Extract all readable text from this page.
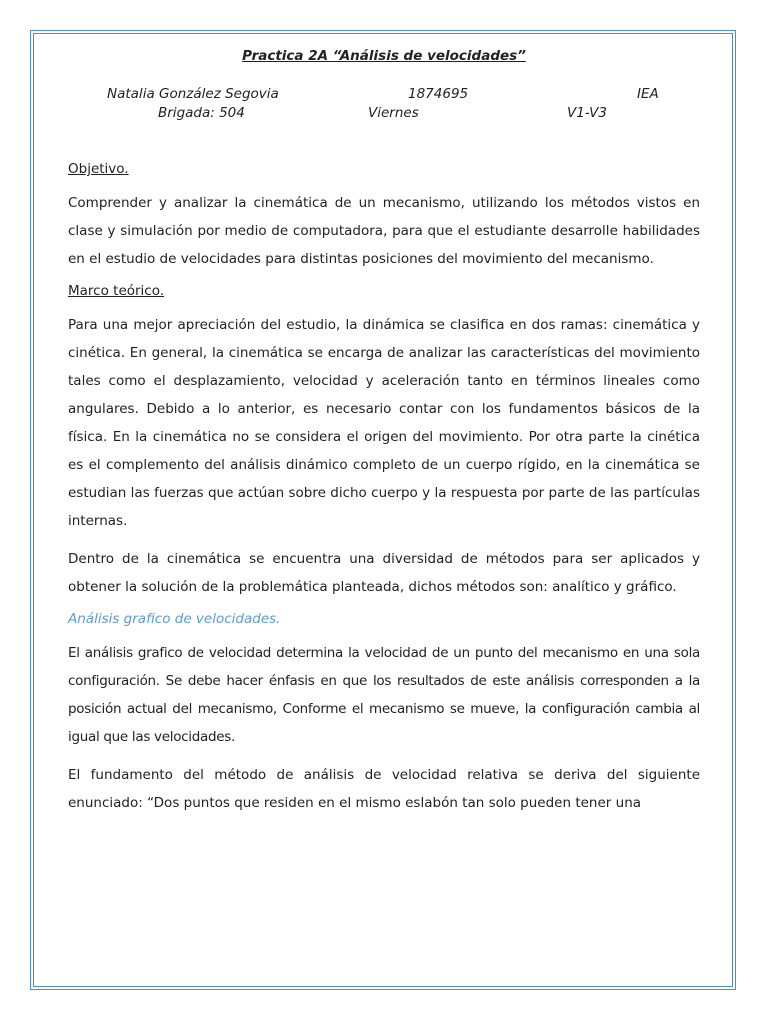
Practica 2A “Análisis de velocidades”
Natalia González Segovia	1874695	IEA
Brigada: 504	Viernes	V1-V3
Objetivo.

Comprender y analizar la cinemática de un mecanismo, utilizando los métodos vistos en clase y simulación por medio de computadora, para que el estudiante desarrolle habilidades en el estudio de velocidades para distintas posiciones del movimiento del mecanismo.

Marco teórico.

Para una mejor apreciación del estudio, la dinámica se clasifica en dos ramas: cinemática y cinética. En general, la cinemática se encarga de analizar las características del movimiento tales como el desplazamiento, velocidad y aceleración tanto en términos lineales como angulares. Debido a lo anterior, es necesario contar con los fundamentos básicos de la física. En la cinemática no se considera el origen del movimiento. Por otra parte la cinética es el complemento del análisis dinámico completo de un cuerpo rígido, en la cinemática se estudian las fuerzas que actúan sobre dicho cuerpo y la respuesta por parte de las partículas internas.

Dentro de la cinemática se encuentra una diversidad de métodos para ser aplicados y obtener la solución de la problemática planteada, dichos métodos son: analítico y gráfico.

Análisis grafico de velocidades.

El análisis grafico de velocidad determina la velocidad de un punto del mecanismo en una sola configuración. Se debe hacer énfasis en que los resultados de este análisis corresponden a la posición actual del mecanismo, Conforme el mecanismo se mueve, la configuración cambia al igual que las velocidades.

El fundamento del método de análisis de velocidad relativa se deriva del siguiente enunciado: “Dos puntos que residen en el mismo eslabón tan solo pueden tener una
